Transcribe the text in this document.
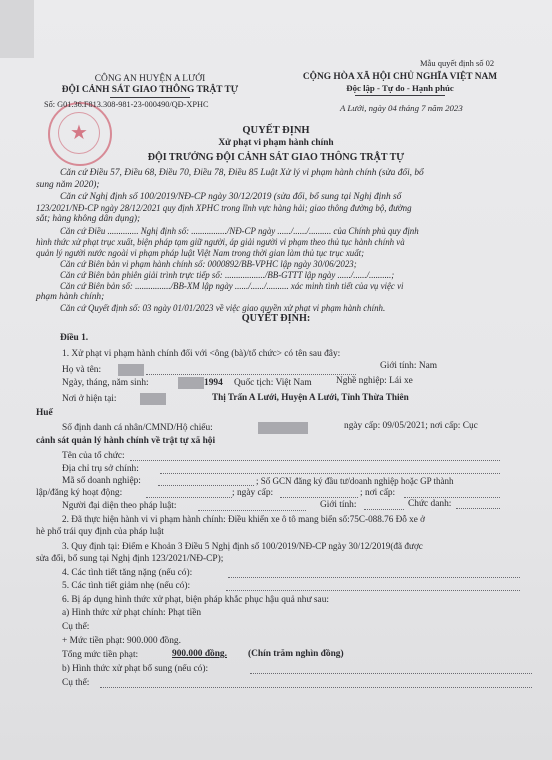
★
Mẫu quyết định số 02
CÔNG AN HUYỆN A LƯỚI
ĐỘI CẢNH SÁT GIAO THÔNG TRẬT TỰ
Số: G01.36.F813.308-981-23-000490/QĐ-XPHC
CỘNG HÒA XÃ HỘI CHỦ NGHĨA VIỆT NAM
Độc lập - Tự do - Hạnh phúc
A Lưới, ngày 04 tháng 7 năm 2023
QUYẾT ĐỊNH
Xử phạt vi phạm hành chính
ĐỘI TRƯỞNG ĐỘI CẢNH SÁT GIAO THÔNG TRẬT TỰ
Căn cứ Điều 57, Điều 68, Điều 70, Điều 78, Điều 85 Luật Xử lý vi phạm hành chính (sửa đổi, bổ
sung năm 2020);
Căn cứ Nghị định số 100/2019/NĐ-CP ngày 30/12/2019 (sửa đổi, bổ sung tại Nghị định số
123/2021/NĐ-CP ngày 28/12/2021 quy định XPHC trong lĩnh vực hàng hải; giao thông đường bộ, đường
sắt; hàng không dân dụng);
Căn cứ Điều .............. Nghị định số: ................/NĐ-CP ngày ....../....../.......... của Chính phủ quy định
hình thức xử phạt trục xuất, biện pháp tạm giữ người, áp giải người vi phạm theo thủ tục hành chính và
quản lý người nước ngoài vi phạm pháp luật Việt Nam trong thời gian làm thủ tục trục xuất;
Căn cứ Biên bản vi phạm hành chính số: 0000892/BB-VPHC lập ngày 30/06/2023;
Căn cứ Biên bản phiên giải trình trực tiếp số: ................../BB-GTTT lập ngày ....../....../..........;
Căn cứ Biên bản số: ................/BB-XM lập ngày ....../....../.......... xác minh tình tiết của vụ việc vi
phạm hành chính;
Căn cứ Quyết định số: 03 ngày 01/01/2023 về việc giao quyền xử phạt vi phạm hành chính.
QUYẾT ĐỊNH:
Điều 1.
1. Xử phạt vi phạm hành chính đối với <ông (bà)/tổ chức> có tên sau đây:
Họ và tên:	Giới tính: Nam
Ngày, tháng, năm sinh:	1994 Quốc tịch: Việt Nam	Nghề nghiệp: Lái xe
Nơi ở hiện tại:	Thị Trấn A Lưới, Huyện A Lưới, Tỉnh Thừa Thiên
Huế
Số định danh cá nhân/CMND/Hộ chiếu:	ngày cấp: 09/05/2021; nơi cấp: Cục
cảnh sát quản lý hành chính về trật tự xã hội
Tên của tổ chức:
Địa chỉ trụ sở chính:
Mã số doanh nghiệp:	; Số GCN đăng ký đầu tư/doanh nghiệp hoặc GP thành
lập/đăng ký hoạt động:	; ngày cấp:	; nơi cấp:
Người đại diện theo pháp luật:	Giới tính:	Chức danh:
2. Đã thực hiện hành vi vi phạm hành chính: Điều khiển xe ô tô mang biển số:75C-088.76 Đỗ xe ở
hè phố trái quy định của pháp luật
3. Quy định tại: Điểm e Khoản 3 Điều 5 Nghị định số 100/2019/NĐ-CP ngày 30/12/2019(đã được
sửa đổi, bổ sung tại Nghị định 123/2021/NĐ-CP);
4. Các tình tiết tăng nặng (nếu có):
5. Các tình tiết giảm nhẹ (nếu có):
6. Bị áp dụng hình thức xử phạt, biện pháp khắc phục hậu quả như sau:
a) Hình thức xử phạt chính: Phạt tiền
Cụ thể:
+ Mức tiền phạt: 900.000 đồng.
Tổng mức tiền phạt:	900.000 đồng. (Chín trăm nghìn đồng)
b) Hình thức xử phạt bổ sung (nếu có):
Cụ thể:
